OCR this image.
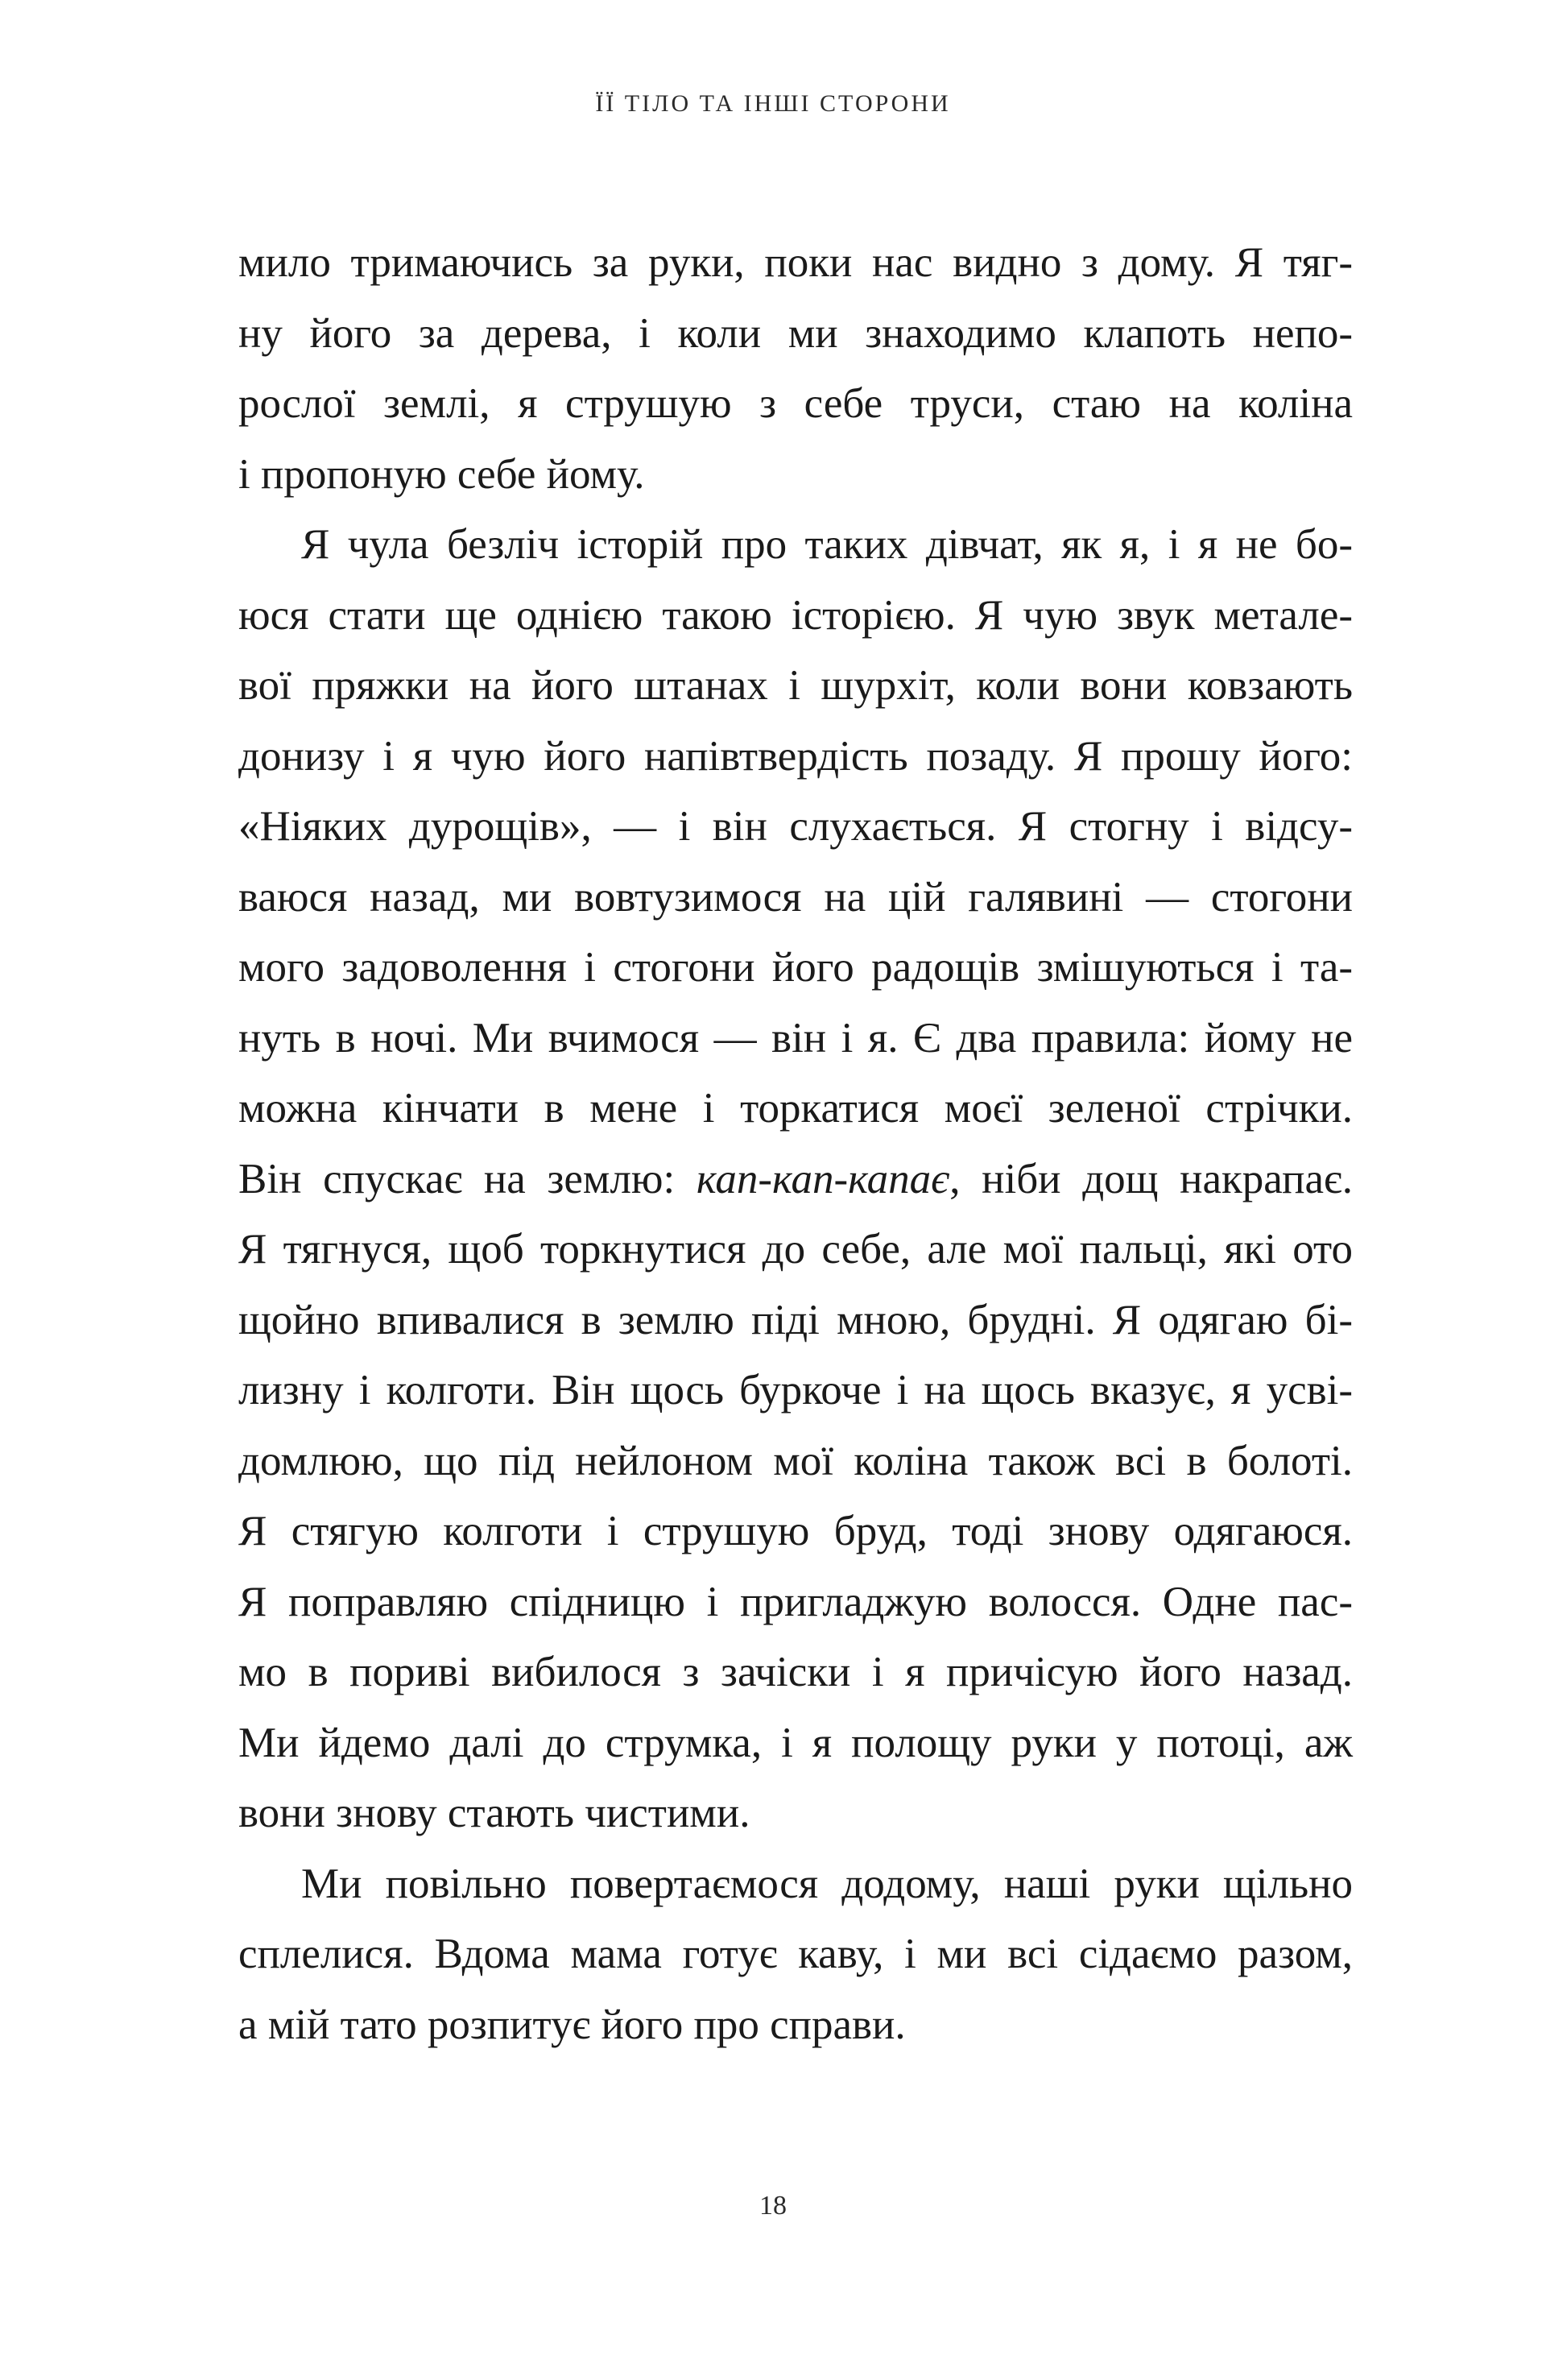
ЇЇ ТІЛО ТА ІНШІ СТОРОНИ
мило тримаючись за руки, поки нас видно з дому. Я тяг-
ну його за дерева, і коли ми знаходимо клапоть непо-
рослої землі, я струшую з себе труси, стаю на коліна
і пропоную себе йому.
Я чула безліч історій про таких дівчат, як я, і я не бо-
юся стати ще однією такою історією. Я чую звук металe-
вої пряжки на його штанах і шурхіт, коли вони ковзають
донизу і я чую його напівтвердість позаду. Я прошу його:
«Ніяких дурощів», — і він слухається. Я стогну і відсу-
ваюся назад, ми вовтузимося на цій галявині — стогони
мого задоволення і стогони його радощів змішуються і та-
нуть в ночі. Ми вчимося — він і я. Є два правила: йому не
можна кінчати в мене і торкатися моєї зеленої стрічки.
Він спускає на землю: кап-кап-капає, ніби дощ накрапає.
Я тягнуся, щоб торкнутися до себе, але мої пальці, які ото
щойно впивалися в землю піді мною, брудні. Я одягаю бі-
лизну і колготи. Він щось буркоче і на щось вказує, я усві-
домлюю, що під нейлоном мої коліна також всі в болоті.
Я стягую колготи і струшую бруд, тоді знову одягаюся.
Я поправляю спідницю і пригладжую волосся. Одне пас-
мо в пориві вибилося з зачіски і я причісую його назад.
Ми йдемо далі до струмка, і я полощу руки у потоці, аж
вони знову стають чистими.
Ми повільно повертаємося додому, наші руки щільно
сплелися. Вдома мама готує каву, і ми всі сідаємо разом,
а мій тато розпитує його про справи.
18
